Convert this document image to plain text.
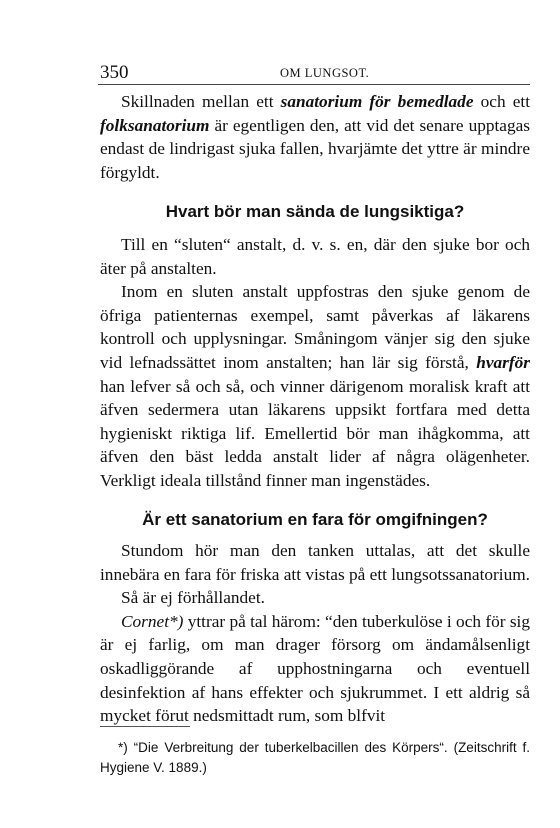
350	OM LUNGSOT.

Skillnaden mellan ett sanatorium för bemedlade och ett folksanatorium är egentligen den, att vid det senare upptagas endast de lindrigast sjuka fallen, hvarjämte det yttre är mindre förgyldt.

Hvart bör man sända de lungsiktiga?

Till en “sluten“ anstalt, d. v. s. en, där den sjuke bor och äter på anstalten.

Inom en sluten anstalt uppfostras den sjuke genom de öfriga patienternas exempel, samt påverkas af läkarens kontroll och upplysningar. Småningom vänjer sig den sjuke vid lefnadssättet inom anstalten; han lär sig förstå, hvarför han lefver så och så, och vinner därigenom moralisk kraft att äfven sedermera utan läkarens uppsikt fortfara med detta hygieniskt riktiga lif. Emellertid bör man ihågkomma, att äfven den bäst ledda anstalt lider af några olägenheter. Verkligt ideala tillstånd finner man ingenstädes.

Är ett sanatorium en fara för omgifningen?

Stundom hör man den tanken uttalas, att det skulle innebära en fara för friska att vistas på ett lungsotssanatorium.

Så är ej förhållandet.

Cornet*) yttrar på tal härom: “den tuberkulöse i och för sig är ej farlig, om man drager försorg om ändamålsenligt oskadliggörande af upphostningarna och eventuell desinfektion af hans effekter och sjukrummet. I ett aldrig så mycket förut nedsmittadt rum, som blfvit

*) “Die Verbreitung der tuberkelbacillen des Körpers“. (Zeitschrift f. Hygiene V. 1889.)
